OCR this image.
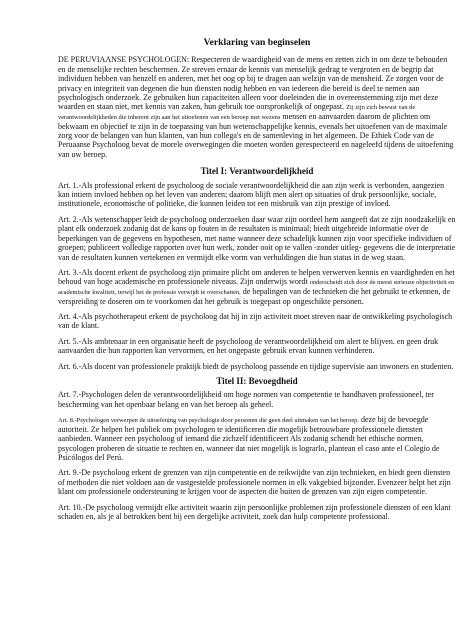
Verklaring van beginselen

DE PERUVIAANSE PSYCHOLOGEN: Respecteren de waardigheid van de mens en zetten zich in om deze te behouden en de menselijke rechten beschermen. Ze streven ernaar de kennis van menselijk gedrag te vergroten en de begrip dat individuen hebben van henzelf en anderen, met het oog op bij te dragen aan welzijn van de mensheid. Ze zorgen voor de privacy en integriteit van degenen die hun diensten nodig hebben en van iedereen die bereid is deel te nemen aan psychologisch onderzoek. Ze gebruiken hun capaciteiten alleen voor doeleinden die in overeenstemming zijn met deze waarden en staan niet, met kennis van zaken, hun gebruik toe oorspronkelijk of ongepast. Zij zijn zich bewust van de verantwoordelijkheden die inherent zijn aan het uitoefenen van een beroep met wezens mensen en aanvaarden daarom de plichten om bekwaam en objectief te zijn in de toepassing van hun wetenschappelijke kennis, evenals het uitoefenen van de maximale zorg voor de belangen van hun klanten, van hun collega's en de samenleving in het algemeen. De Ethiek Code van de Peruaanse Psycholoog bevat de morele overwegingen die moeten worden gerespecteerd en nageleefd tijdens de uitoefening van uw beroep.

Titel I: Verantwoordelijkheid

Art. 1.-Als professional erkent de psycholoog de sociale verantwoordelijkheid die aan zijn werk is verbonden, aangezien kan intiem invloed hebben op het leven van anderen; daarom blijft men alert op situaties of druk persoonlijke, sociale, institutionele, economische of politieke, die kunnen leiden tot een misbruik van zijn prestige of invloed.

Art. 2.-Als wetenschapper leidt de psycholoog onderzoeken daar waar zijn oordeel hem aangeeft dat ze zijn noodzakelijk en plant elk onderzoek zodanig dat de kans op fouten in de resultaten is minimaal; biedt uitgebreide informatie over de beperkingen van de gegevens en hypothesen, met name wanneer deze schadelijk kunnen zijn voor specifieke individuen of groepen; publiceert volledige rapporten over hun werk, zonder ooit op te vallen -zonder uitleg- gegevens die de interpretatie van de resultaten kunnen vertekenen en vermijdt elke vorm van verhuldingen die hun status in de weg staan.

Art. 3.-Als docent erkent de psycholoog zijn primaire plicht om anderen te helpen verwerven kennis en vaardigheden en het behoud van hoge academische en professionele niveaus. Zijn onderwijs wordt onderscheidt zich door de meest serieuze objectiviteit en academische kwaliteit, terwijl het de professie verwijdt te overschatten, de bepalingen van de technieken die het gebruikt te erkennen, de verspreiding te doseren om te voorkomen dat het gebruik is toegepast op ongeschikte personen.

Art. 4.-Als psychotherapeut erkent de psycholoog dat hij in zijn activiteit moet streven naar de ontwikkeling psychologisch van de klant.

Art. 5.-Als ambtenaar in een organisatie heeft de psycholoog de verantwoordelijkheid om alert te blijven. en geen druk aanvaarden die hun rapporten kan vervormen, en het ongepaste gebruik ervan kunnen verhinderen.

Art. 6.-Als docent van professionele praktijk biedt de psycholoog passende en tijdige supervisie aan inwoners en studenten.

Titel II: Bevoegdheid

Art. 7.-Psychologen delen de verantwoordelijkheid om hoge normen van competentie te handhaven professioneel, ter bescherming van het openbaar belang en van het beroep als geheel.

Art. 8.-Psychologen verwerpen de uitoefening van psychologie door personen die geen deel uitmaken van het beroep. deze bij de bevoegde autoriteit. Ze helpen het publiek om psychologen te identificeren die mogelijk betrouwbare professionele diensten aanbieden. Wanneer een psycholoog of iemand die zichzelf identificeert Als zodanig schendt het ethische normen, psycologen proberen de situatie te rechten en, wanneer dat niet mogelijk is lograrlo, plantean el caso ante el Colegio de Psicólogos del Perú.

Art. 9.-De psycholoog erkent de grenzen van zijn competentie en de reikwijdte van zijn technieken, en biedt geen diensten of methoden die niet voldoen aan de vastgestelde professionele normen in elk vakgebied bijzonder. Evenzeer helpt het zijn klant om professionele ondersteuning te krijgen voor de aspecten die buiten de grenzen van zijn eigen competentie.

Art. 10.-De psycholoog vermijdt elke activiteit waarin zijn persoonlijke problemen zijn professionele diensten of een klant schaden en, als je al betrokken bent bij een dergelijke activiteit, zoek dan hulp competente professional.
